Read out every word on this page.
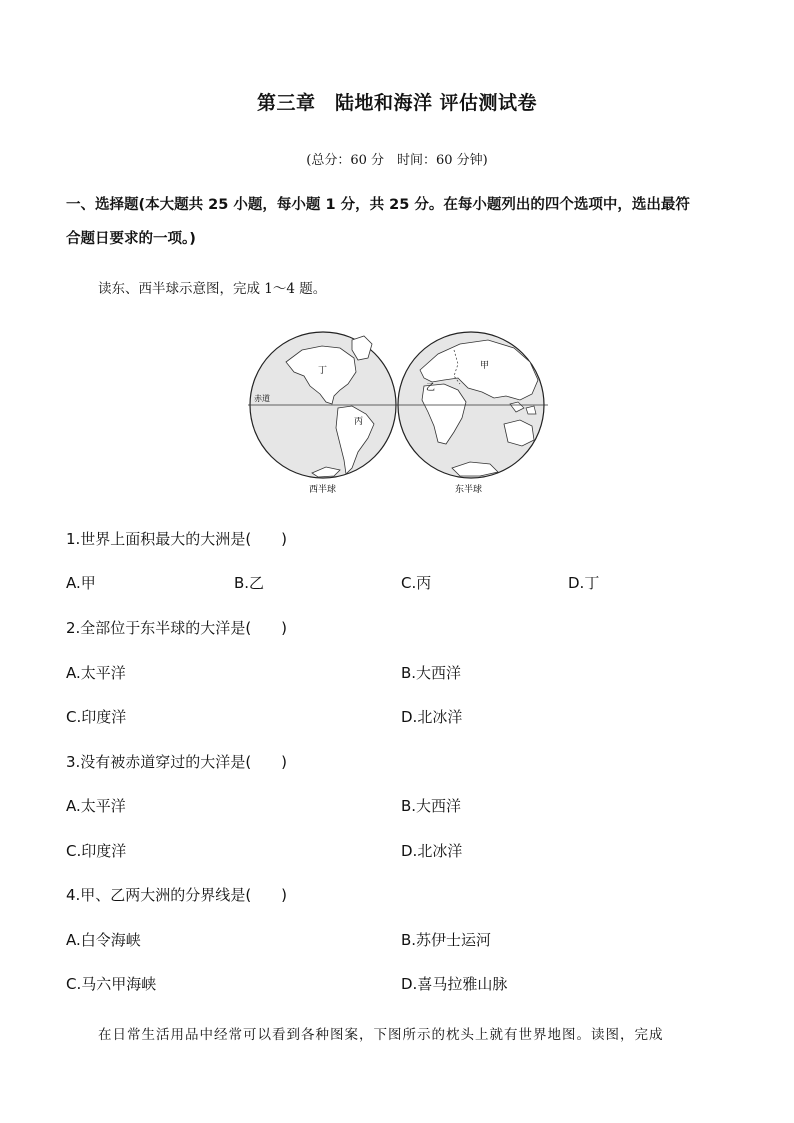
第三章　陆地和海洋 评估测试卷
(总分：60 分　时间：60 分钟)
一、选择题(本大题共 25 小题，每小题 1 分，共 25 分。在每小题列出的四个选项中，选出最符
合题日要求的一项。)
读东、西半球示意图，完成 1～4 题。
丁
丙
乙
甲
赤道
西半球	东半球
1.世界上面积最大的大洲是(　　)
A.甲	B.乙	C.丙	D.丁
2.全部位于东半球的大洋是(　　)
A.太平洋	B.大西洋
C.印度洋	D.北冰洋
3.没有被赤道穿过的大洋是(　　)
A.太平洋	B.大西洋
C.印度洋	D.北冰洋
4.甲、乙两大洲的分界线是(　　)
A.白令海峡	B.苏伊士运河
C.马六甲海峡	D.喜马拉雅山脉
在日常生活用品中经常可以看到各种图案，下图所示的枕头上就有世界地图。读图，完成
